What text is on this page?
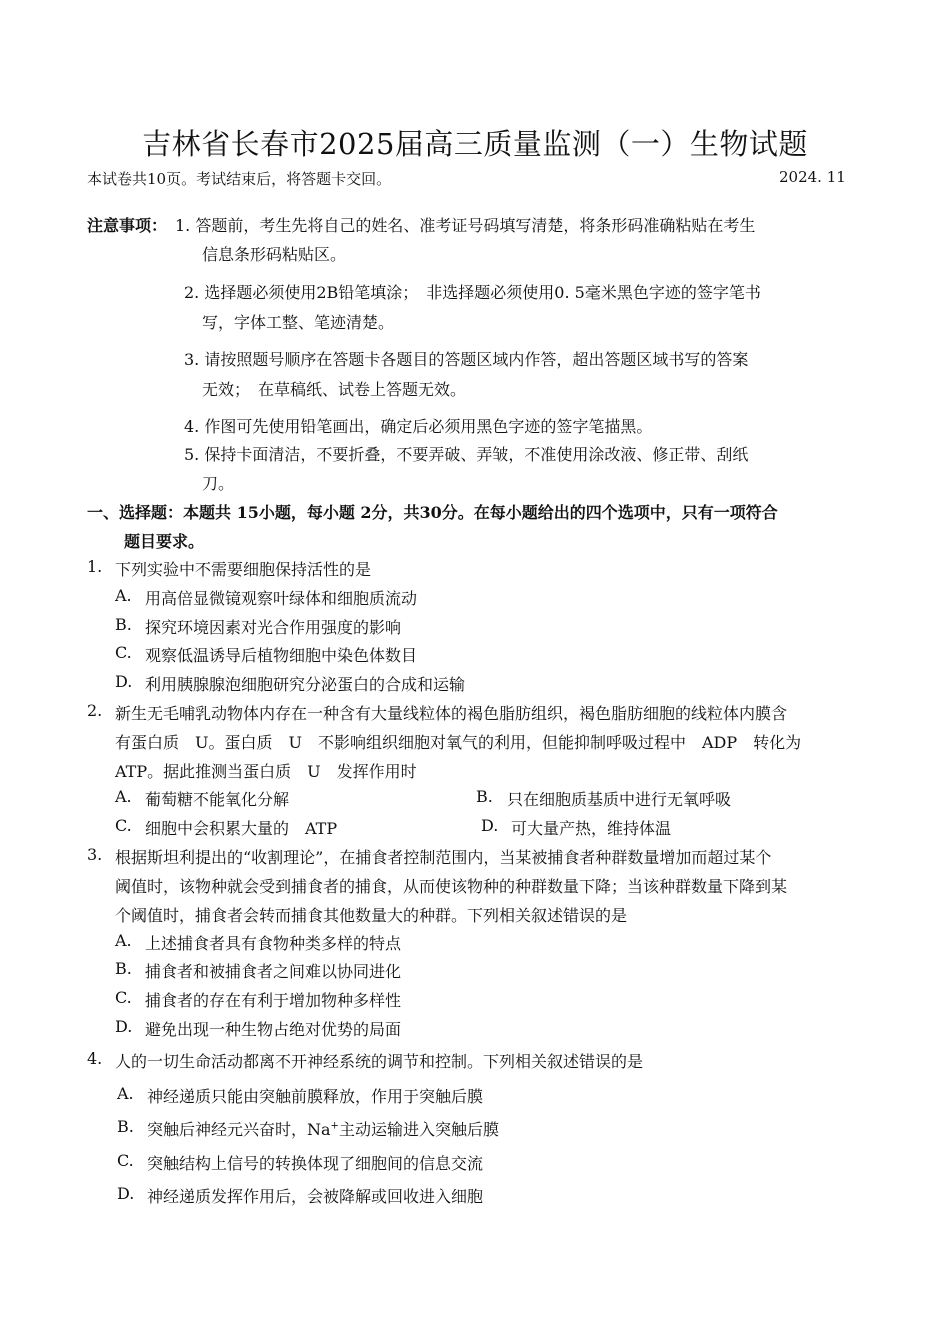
吉林省长春市2025届高三质量监测（一）生物试题
本试卷共10页。考试结束后，将答题卡交回。	2024. 11
注意事项： 1. 答题前，考生先将自己的姓名、准考证号码填写清楚，将条形码准确粘贴在考生
信息条形码粘贴区。
2. 选择题必须使用2B铅笔填涂；　非选择题必须使用0. 5毫米黑色字迹的签字笔书
写，字体工整、笔迹清楚。
3. 请按照题号顺序在答题卡各题目的答题区域内作答，超出答题区域书写的答案
无效；　在草稿纸、试卷上答题无效。
4. 作图可先使用铅笔画出，确定后必须用黑色字迹的签字笔描黑。
5. 保持卡面清洁，不要折叠，不要弄破、弄皱，不准使用涂改液、修正带、刮纸
刀。
一、选择题：本题共 15小题，每小题 2分，共30分。在每小题给出的四个选项中，只有一项符合
题目要求。
1. 下列实验中不需要细胞保持活性的是
A. 用高倍显微镜观察叶绿体和细胞质流动
B. 探究环境因素对光合作用强度的影响
C. 观察低温诱导后植物细胞中染色体数目
D. 利用胰腺腺泡细胞研究分泌蛋白的合成和运输
2. 新生无毛哺乳动物体内存在一种含有大量线粒体的褐色脂肪组织，褐色脂肪细胞的线粒体内膜含
有蛋白质　U。蛋白质　U　不影响组织细胞对氧气的利用，但能抑制呼吸过程中　ADP　转化为
ATP。据此推测当蛋白质　U　发挥作用时
A. 葡萄糖不能氧化分解	B. 只在细胞质基质中进行无氧呼吸
C. 细胞中会积累大量的　ATP	D. 可大量产热，维持体温
3. 根据斯坦利提出的“收割理论”，在捕食者控制范围内，当某被捕食者种群数量增加而超过某个
阈值时，该物种就会受到捕食者的捕食，从而使该物种的种群数量下降；当该种群数量下降到某
个阈值时，捕食者会转而捕食其他数量大的种群。下列相关叙述错误的是
A. 上述捕食者具有食物种类多样的特点
B. 捕食者和被捕食者之间难以协同进化
C. 捕食者的存在有利于增加物种多样性
D. 避免出现一种生物占绝对优势的局面
4. 人的一切生命活动都离不开神经系统的调节和控制。下列相关叙述错误的是
A. 神经递质只能由突触前膜释放，作用于突触后膜
B. 突触后神经元兴奋时，Na+主动运输进入突触后膜
C. 突触结构上信号的转换体现了细胞间的信息交流
D. 神经递质发挥作用后，会被降解或回收进入细胞
